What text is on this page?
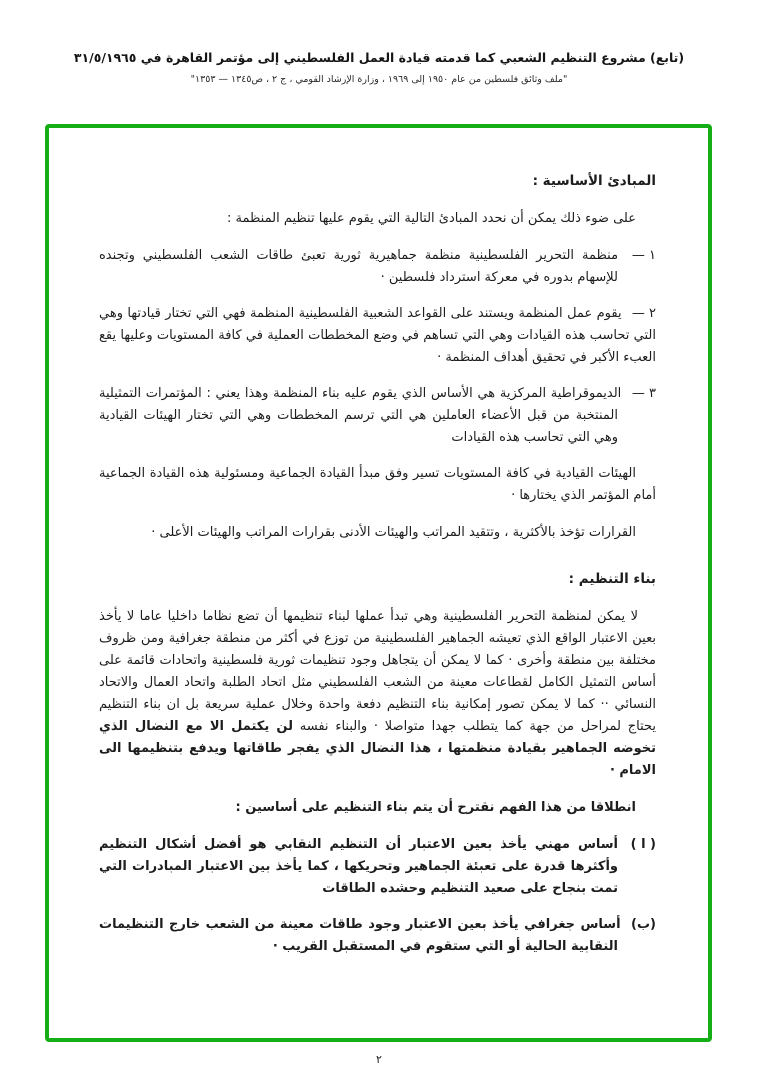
(تابع) مشروع التنظيم الشعبي كما قدمته قيادة العمل الفلسطيني إلى مؤتمر القاهرة في ٣١/٥/١٩٦٥
"ملف وثائق فلسطين من عام ١٩٥٠ إلى ١٩٦٩ ، وزارة الإرشاد القومي ، ج ٢ ، ص١٣٤٥ — ١٣٥٣"
المبادئ الأساسية :

على ضوء ذلك يمكن أن نحدد المبادئ التالية التي يقوم عليها تنظيم المنظمة :

١ — منظمة التحرير الفلسطينية منظمة جماهيرية ثورية تعبئ طاقات الشعب الفلسطيني وتجنده للإسهام بدوره في معركة استرداد فلسطين ·

٢ — يقوم عمل المنظمة ويستند على القواعد الشعبية الفلسطينية المنظمة فهي التي تختار قيادتها وهي التي تحاسب هذه القيادات وهي التي تساهم في وضع المخططات العملية في كافة المستويات وعليها يقع العبء الأكبر في تحقيق أهداف المنظمة ·

٣ — الديموقراطية المركزية هي الأساس الذي يقوم عليه بناء المنظمة وهذا يعني : المؤتمرات التمثيلية المنتخبة من قبل الأعضاء العاملين هي التي ترسم المخططات وهي التي تختار الهيئات القيادية وهي التي تحاسب هذه القيادات

الهيئات القيادية في كافة المستويات تسير وفق مبدأ القيادة الجماعية ومسئولية هذه القيادة الجماعية أمام المؤتمر الذي يختارها ·

القرارات تؤخذ بالأكثرية ، وتتقيد المراتب والهيئات الأدنى بقرارات المراتب والهيئات الأعلى ·

بناء التنظيم :

لا يمكن لمنظمة التحرير الفلسطينية وهي تبدأ عملها لبناء تنظيمها أن تضع نظاما داخليا عاما لا يأخذ بعين الاعتبار الواقع الذي تعيشه الجماهير الفلسطينية من توزع في أكثر من منطقة جغرافية ومن ظروف مختلفة بين منطقة وأخرى · كما لا يمكن أن يتجاهل وجود تنظيمات ثورية فلسطينية واتحادات قائمة على أساس التمثيل الكامل لقطاعات معينة من الشعب الفلسطيني مثل اتحاد الطلبة واتحاد العمال والاتحاد النسائي ·· كما لا يمكن تصور إمكانية بناء التنظيم دفعة واحدة وخلال عملية سريعة بل ان بناء التنظيم يحتاج لمراحل من جهة كما يتطلب جهدا متواصلا · والبناء نفسه لن يكتمل الا مع النضال الذي تخوضه الجماهير بقيادة منظمتها ، هذا النضال الذي يفجر طاقاتها ويدفع بتنظيمها الى الامام ·

انطلاقا من هذا الفهم نقترح أن يتم بناء التنظيم على أساسين :

( ا ) أساس مهني يأخذ بعين الاعتبار أن التنظيم النقابي هو أفضل أشكال التنظيم وأكثرها قدرة على تعبئة الجماهير وتحريكها ، كما يأخذ بين الاعتبار المبادرات التي تمت بنجاح على صعيد التنظيم وحشده الطاقات

(ب) أساس جغرافي يأخذ بعين الاعتبار وجود طاقات معينة من الشعب خارج التنظيمات النقابية الحالية أو التي ستقوم في المستقبل القريب ·

٢
